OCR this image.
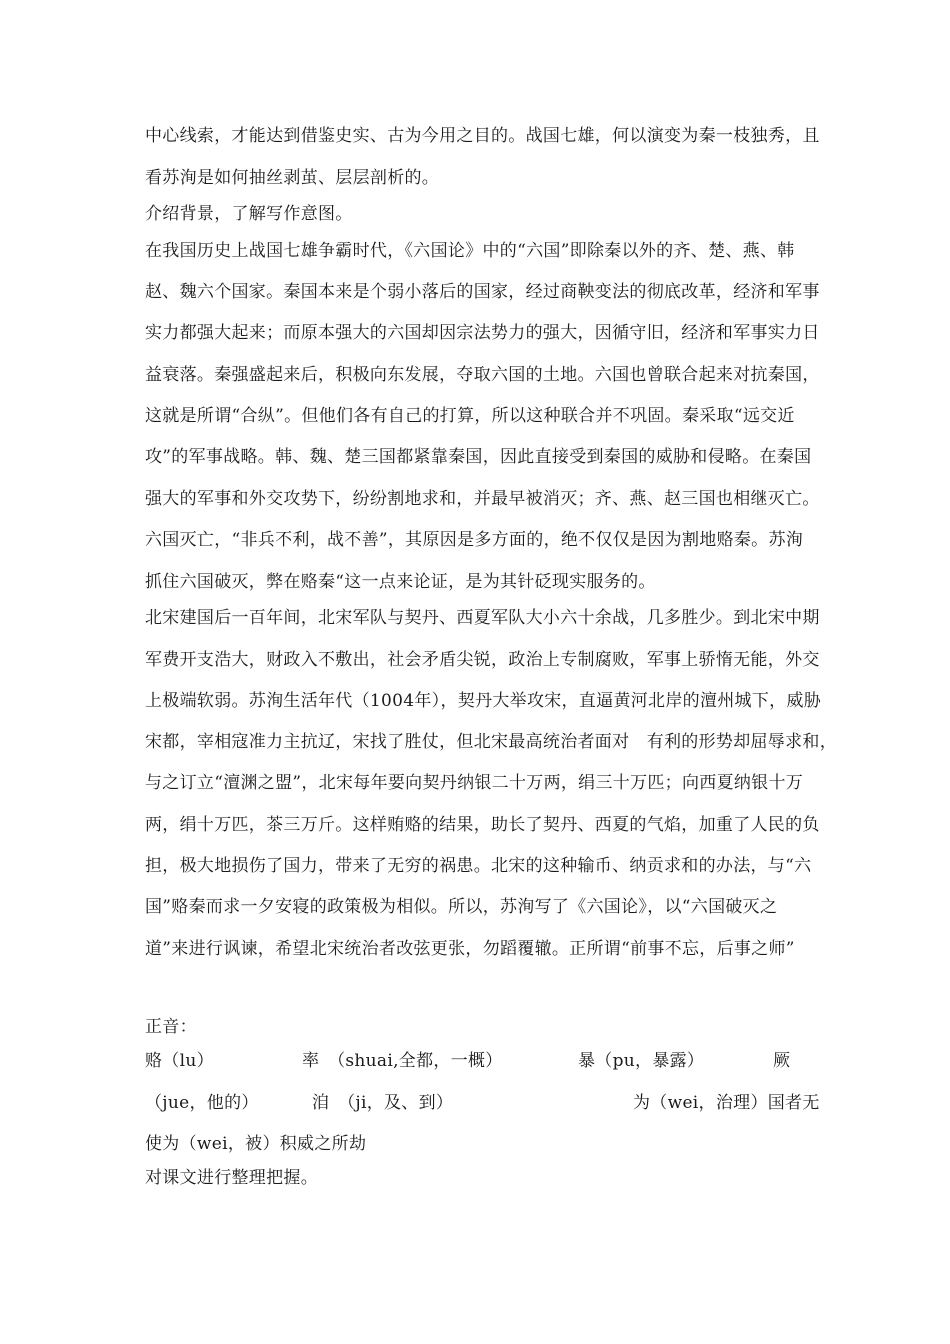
中心线索，才能达到借鉴史实、古为今用之目的。战国七雄，何以演变为秦一枝独秀，且
看苏洵是如何抽丝剥茧、层层剖析的。
介绍背景，了解写作意图。
在我国历史上战国七雄争霸时代，《六国论》中的“六国”即除秦以外的齐、楚、燕、韩
赵、魏六个国家。秦国本来是个弱小落后的国家，经过商鞅变法的彻底改革，经济和军事
实力都强大起来；而原本强大的六国却因宗法势力的强大，因循守旧，经济和军事实力日
益衰落。秦强盛起来后，积极向东发展，夺取六国的土地。六国也曾联合起来对抗秦国，
这就是所谓“合纵”。但他们各有自己的打算，所以这种联合并不巩固。秦采取“远交近
攻”的军事战略。韩、魏、楚三国都紧靠秦国，因此直接受到秦国的威胁和侵略。在秦国
强大的军事和外交攻势下，纷纷割地求和，并最早被消灭；齐、燕、赵三国也相继灭亡。
六国灭亡，“非兵不利，战不善”，其原因是多方面的，绝不仅仅是因为割地赂秦。苏洵
抓住六国破灭，弊在赂秦“这一点来论证，是为其针砭现实服务的。
北宋建国后一百年间，北宋军队与契丹、西夏军队大小六十余战，几多胜少。到北宋中期
军费开支浩大，财政入不敷出，社会矛盾尖锐，政治上专制腐败，军事上骄惰无能，外交
上极端软弱。苏洵生活年代（1004年），契丹大举攻宋，直逼黄河北岸的澶州城下，威胁
宋都，宰相寇准力主抗辽，宋找了胜仗，但北宋最高统治者面对　有利的形势却屈辱求和，
与之订立“澶渊之盟”，北宋每年要向契丹纳银二十万两，绢三十万匹；向西夏纳银十万
两，绢十万匹，茶三万斤。这样贿赂的结果，助长了契丹、西夏的气焰，加重了人民的负
担，极大地损伤了国力，带来了无穷的祸患。北宋的这种输币、纳贡求和的办法，与“六
国”赂秦而求一夕安寝的政策极为相似。所以，苏洵写了《六国论》，以“六国破灭之
道”来进行讽谏，希望北宋统治者改弦更张，勿蹈覆辙。正所谓“前事不忘，后事之师”
正音：
赂（lu）	率　（shuai,全都，一概）	暴（pu，暴露）	厥
（jue，他的）	洎　（ji，及、到）	为（wei，治理）国者无
使为（wei，被）积威之所劫
对课文进行整理把握。
